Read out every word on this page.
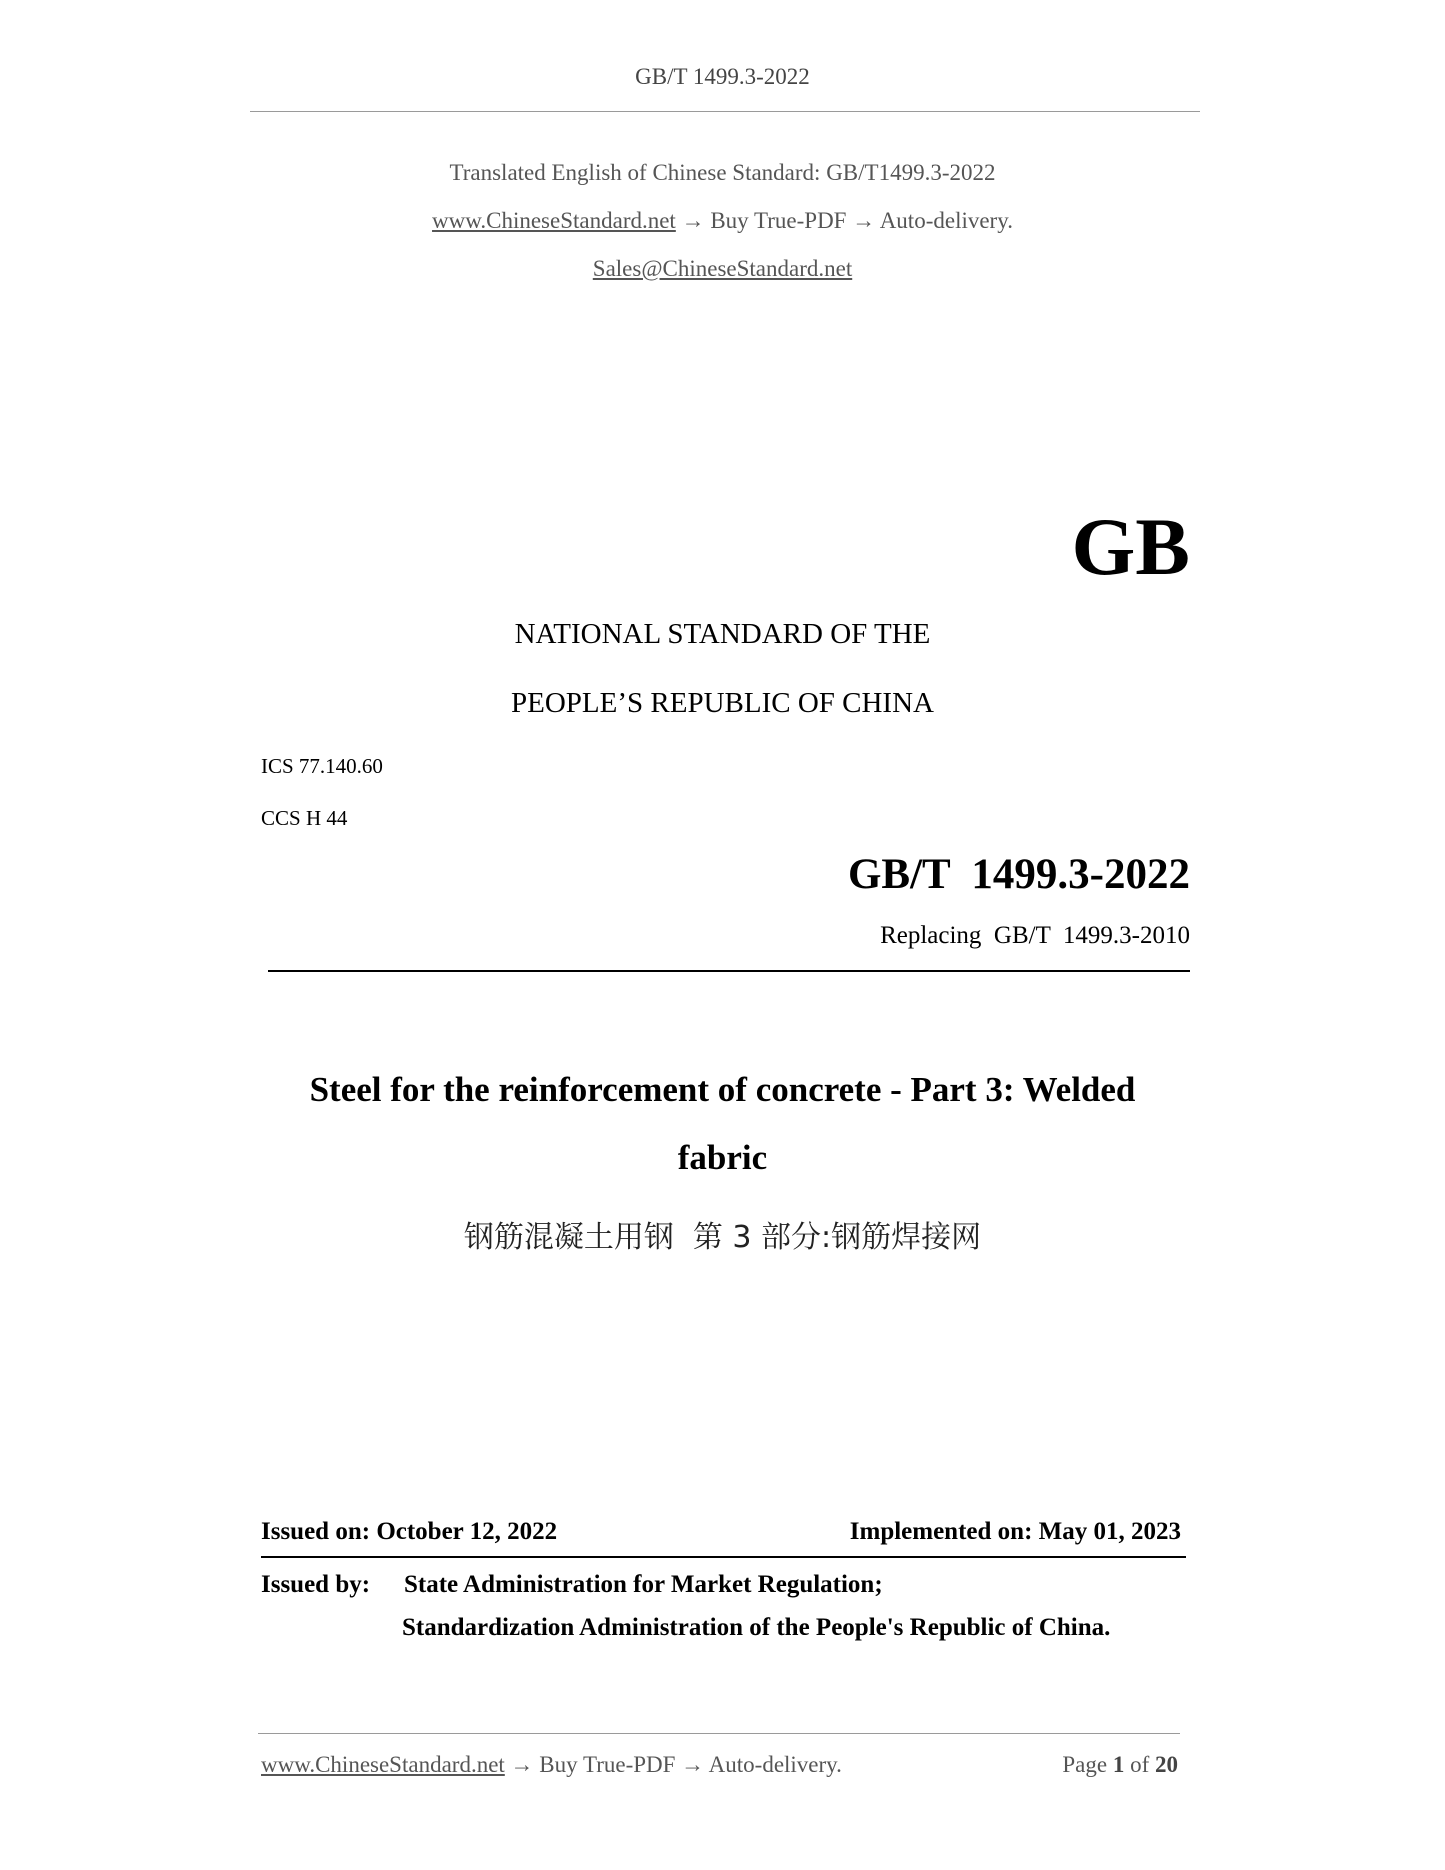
GB/T 1499.3-2022
Translated English of Chinese Standard: GB/T1499.3-2022
www.ChineseStandard.net → Buy True-PDF → Auto-delivery.
Sales@ChineseStandard.net
GB
NATIONAL STANDARD OF THE
PEOPLE’S REPUBLIC OF CHINA
ICS 77.140.60
CCS H 44
GB/T  1499.3-2022
Replacing  GB/T  1499.3-2010
Steel for the reinforcement of concrete - Part 3: Welded
fabric
钢筋混凝土用钢  第 3 部分:钢筋焊接网
Issued on: October 12, 2022	Implemented on: May 01, 2023
Issued by: State Administration for Market Regulation;
Standardization Administration of the People's Republic of China.
www.ChineseStandard.net → Buy True-PDF → Auto-delivery.	Page 1 of 20
